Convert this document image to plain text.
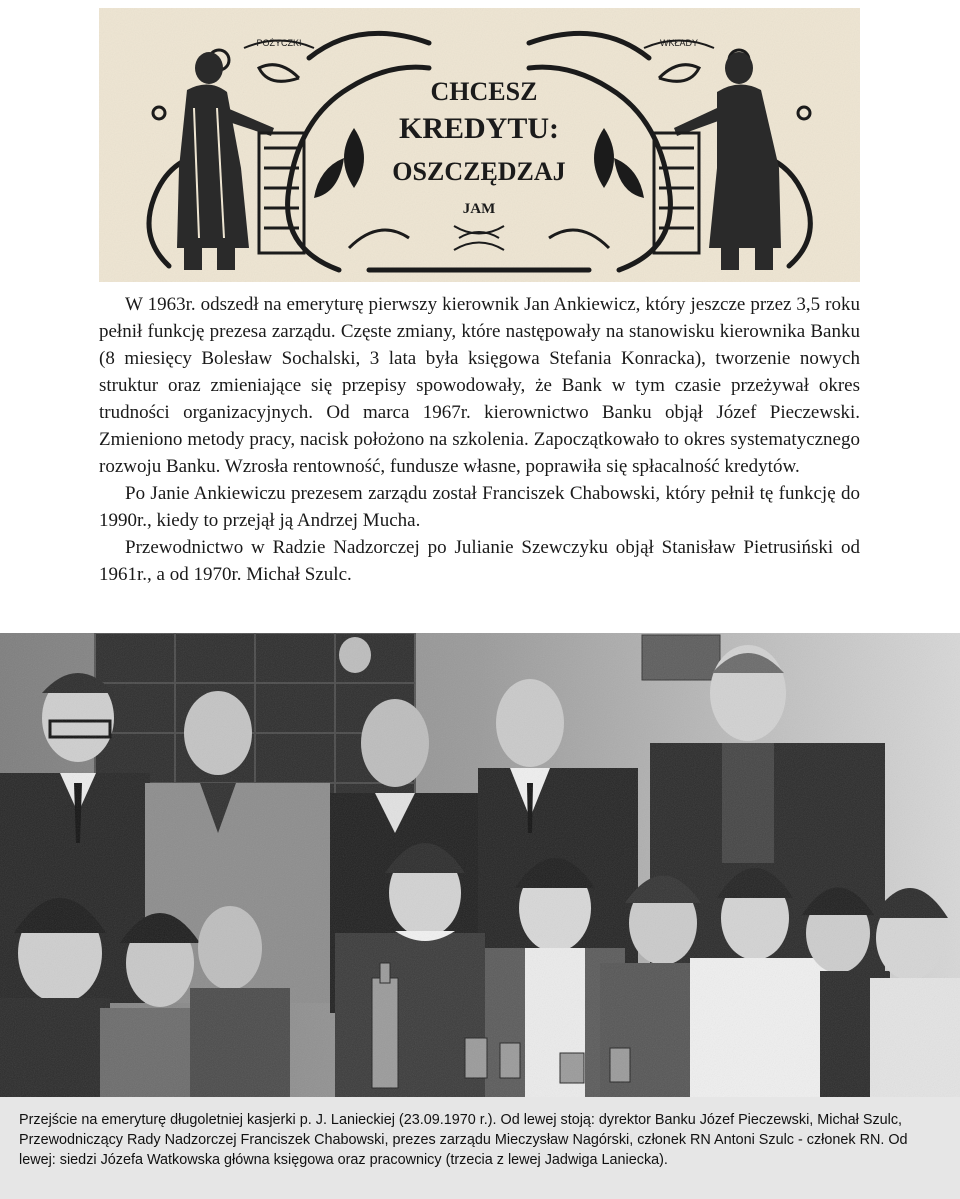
POŻYCZKI	WKŁADY
CHCESZ
KREDYTU:
OSZCZĘDZAJ
JAM

W 1963r. odszedł na emeryturę pierwszy kierownik Jan Ankiewicz, który jeszcze przez 3,5 roku pełnił funkcję prezesa zarządu. Częste zmiany, które następowały na stanowisku kierownika Banku (8 miesięcy Bolesław Sochalski, 3 lata była księgowa Stefania Konracka), tworzenie nowych struktur oraz zmieniające się przepisy spowodowały, że Bank w tym czasie przeżywał okres trudności organizacyjnych. Od marca 1967r. kierownictwo Banku objął Józef Pieczewski. Zmieniono metody pracy, nacisk położono na szkolenia. Zapoczątkowało to okres systematycznego rozwoju Banku. Wzrosła rentowność, fundusze własne, poprawiła się spłacalność kredytów.

Po Janie Ankiewiczu prezesem zarządu został Franciszek Chabowski, który pełnił tę funkcję do 1990r., kiedy to przejął ją Andrzej Mucha.

Przewodnictwo w Radzie Nadzorczej po Julianie Szewczyku objął Stanisław Pietrusiński od 1961r., a od 1970r. Michał Szulc.

Przejście na emeryturę długoletniej kasjerki p. J. Lanieckiej (23.09.1970 r.). Od lewej stoją: dyrektor Banku Józef Pieczewski, Michał Szulc, Przewodniczący Rady Nadzorczej Franciszek Chabowski, prezes zarządu Mieczysław Nagórski, członek RN Antoni Szulc - członek RN. Od lewej: siedzi Józefa Watkowska główna księgowa oraz pracownicy (trzecia z lewej Jadwiga Laniecka).
